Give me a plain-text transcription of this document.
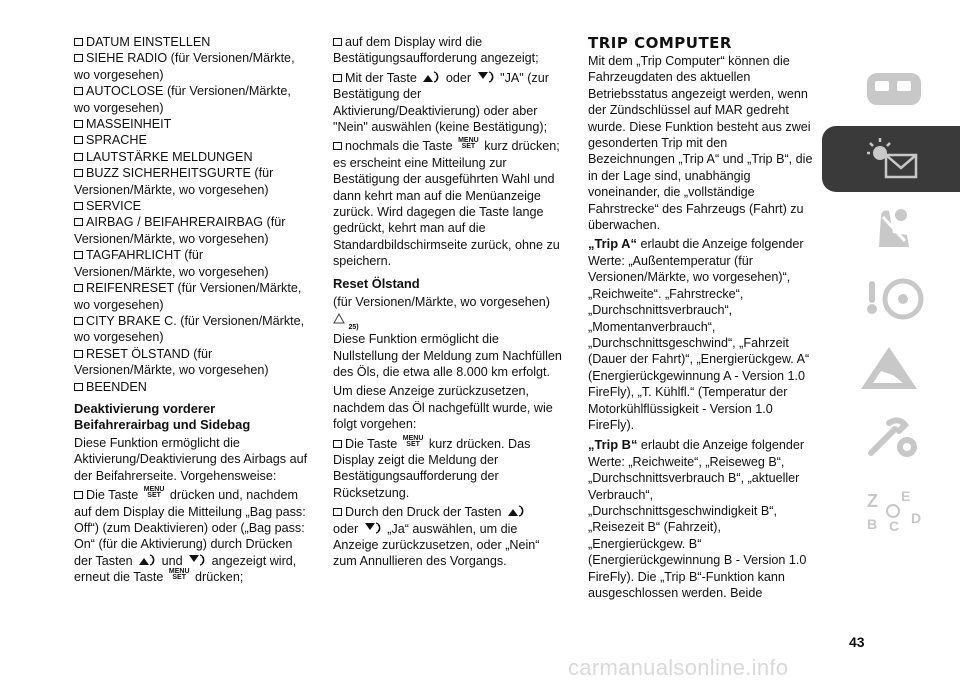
DATUM EINSTELLEN
SIEHE RADIO (für Versionen/Märkte, wo vorgesehen)
AUTOCLOSE (für Versionen/Märkte, wo vorgesehen)
MASSEINHEIT
SPRACHE
LAUTSTÄRKE MELDUNGEN
BUZZ SICHERHEITSGURTE (für Versionen/Märkte, wo vorgesehen)
SERVICE
AIRBAG / BEIFAHRERAIRBAG (für Versionen/Märkte, wo vorgesehen)
TAGFAHRLICHT (für Versionen/Märkte, wo vorgesehen)
REIFENRESET (für Versionen/Märkte, wo vorgesehen)
CITY BRAKE C. (für Versionen/Märkte, wo vorgesehen)
RESET ÖLSTAND (für Versionen/Märkte, wo vorgesehen)
BEENDEN
Deaktivierung vorderer Beifahrerairbag und Sidebag

Diese Funktion ermöglicht die Aktivierung/Deaktivierung des Airbags auf der Beifahrerseite. Vorgehensweise:

Die Taste MENU
SET drücken und, nachdem auf dem Display die Mitteilung „Bag pass: Off“) (zum Deaktivieren) oder („Bag pass: On“ (für die Aktivierung) durch Drücken der Tasten und angezeigt wird, erneut die Taste MENU
SET drücken;

auf dem Display wird die Bestätigungsaufforderung angezeigt;

Mit der Taste oder "JA" (zur Bestätigung der Aktivierung/Deaktivierung) oder aber "Nein" auswählen (keine Bestätigung);

nochmals die Taste MENU
SET kurz drücken; es erscheint eine Mitteilung zur Bestätigung der ausgeführten Wahl und dann kehrt man auf die Menüanzeige zurück. Wird dagegen die Taste lange gedrückt, kehrt man auf die Standardbildschirmseite zurück, ohne zu speichern.

Reset Ölstand

(für Versionen/Märkte, wo vorgesehen)

$^{25)}$

Diese Funktion ermöglicht die Nullstellung der Meldung zum Nachfüllen des Öls, die etwa alle 8.000 km erfolgt.

Um diese Anzeige zurückzusetzen, nachdem das Öl nachgefüllt wurde, wie folgt vorgehen:

Die Taste MENU
SET kurz drücken. Das Display zeigt die Meldung der Bestätigungsaufforderung der Rücksetzung.

Durch den Druck der Tasten
oder „Ja“ auswählen, um die Anzeige zurückzusetzen, oder „Nein“ zum Annullieren des Vorgangs.

TRIP COMPUTER

Mit dem „Trip Computer“ können die Fahrzeugdaten des aktuellen Betriebsstatus angezeigt werden, wenn der Zündschlüssel auf MAR gedreht wurde. Diese Funktion besteht aus zwei gesonderten Trip mit den Bezeichnungen „Trip A“ und „Trip B“, die in der Lage sind, unabhängig voneinander, die „vollständige Fahrstrecke“ des Fahrzeugs (Fahrt) zu überwachen.

„Trip A“ erlaubt die Anzeige folgender Werte: „Außentemperatur (für Versionen/Märkte, wo vorgesehen)“, „Reichweite“. „Fahrstrecke“, „Durchschnittsverbrauch“, „Momentanverbrauch“, „Durchschnittsgeschwind“, „Fahrzeit (Dauer der Fahrt)“, „Energierückgew. A“ (Energierückgewinnung A - Version 1.0 FireFly), „T. Kühlfl.“ (Temperatur der Motorkühlflüssigkeit - Version 1.0 FireFly).
„Trip B“ erlaubt die Anzeige folgender Werte: „Reichweite“, „Reiseweg B“, „Durchschnittsverbrauch B“, „aktueller Verbrauch“, „Durchschnittsgeschwindigkeit B“, „Reisezeit B“ (Fahrzeit), „Energierückgew. B“ (Energierückgewinnung B - Version 1.0 FireFly). Die „Trip B“-Funktion kann ausgeschlossen werden. Beide
Z E
B C D
43
carmanualsonline.info
